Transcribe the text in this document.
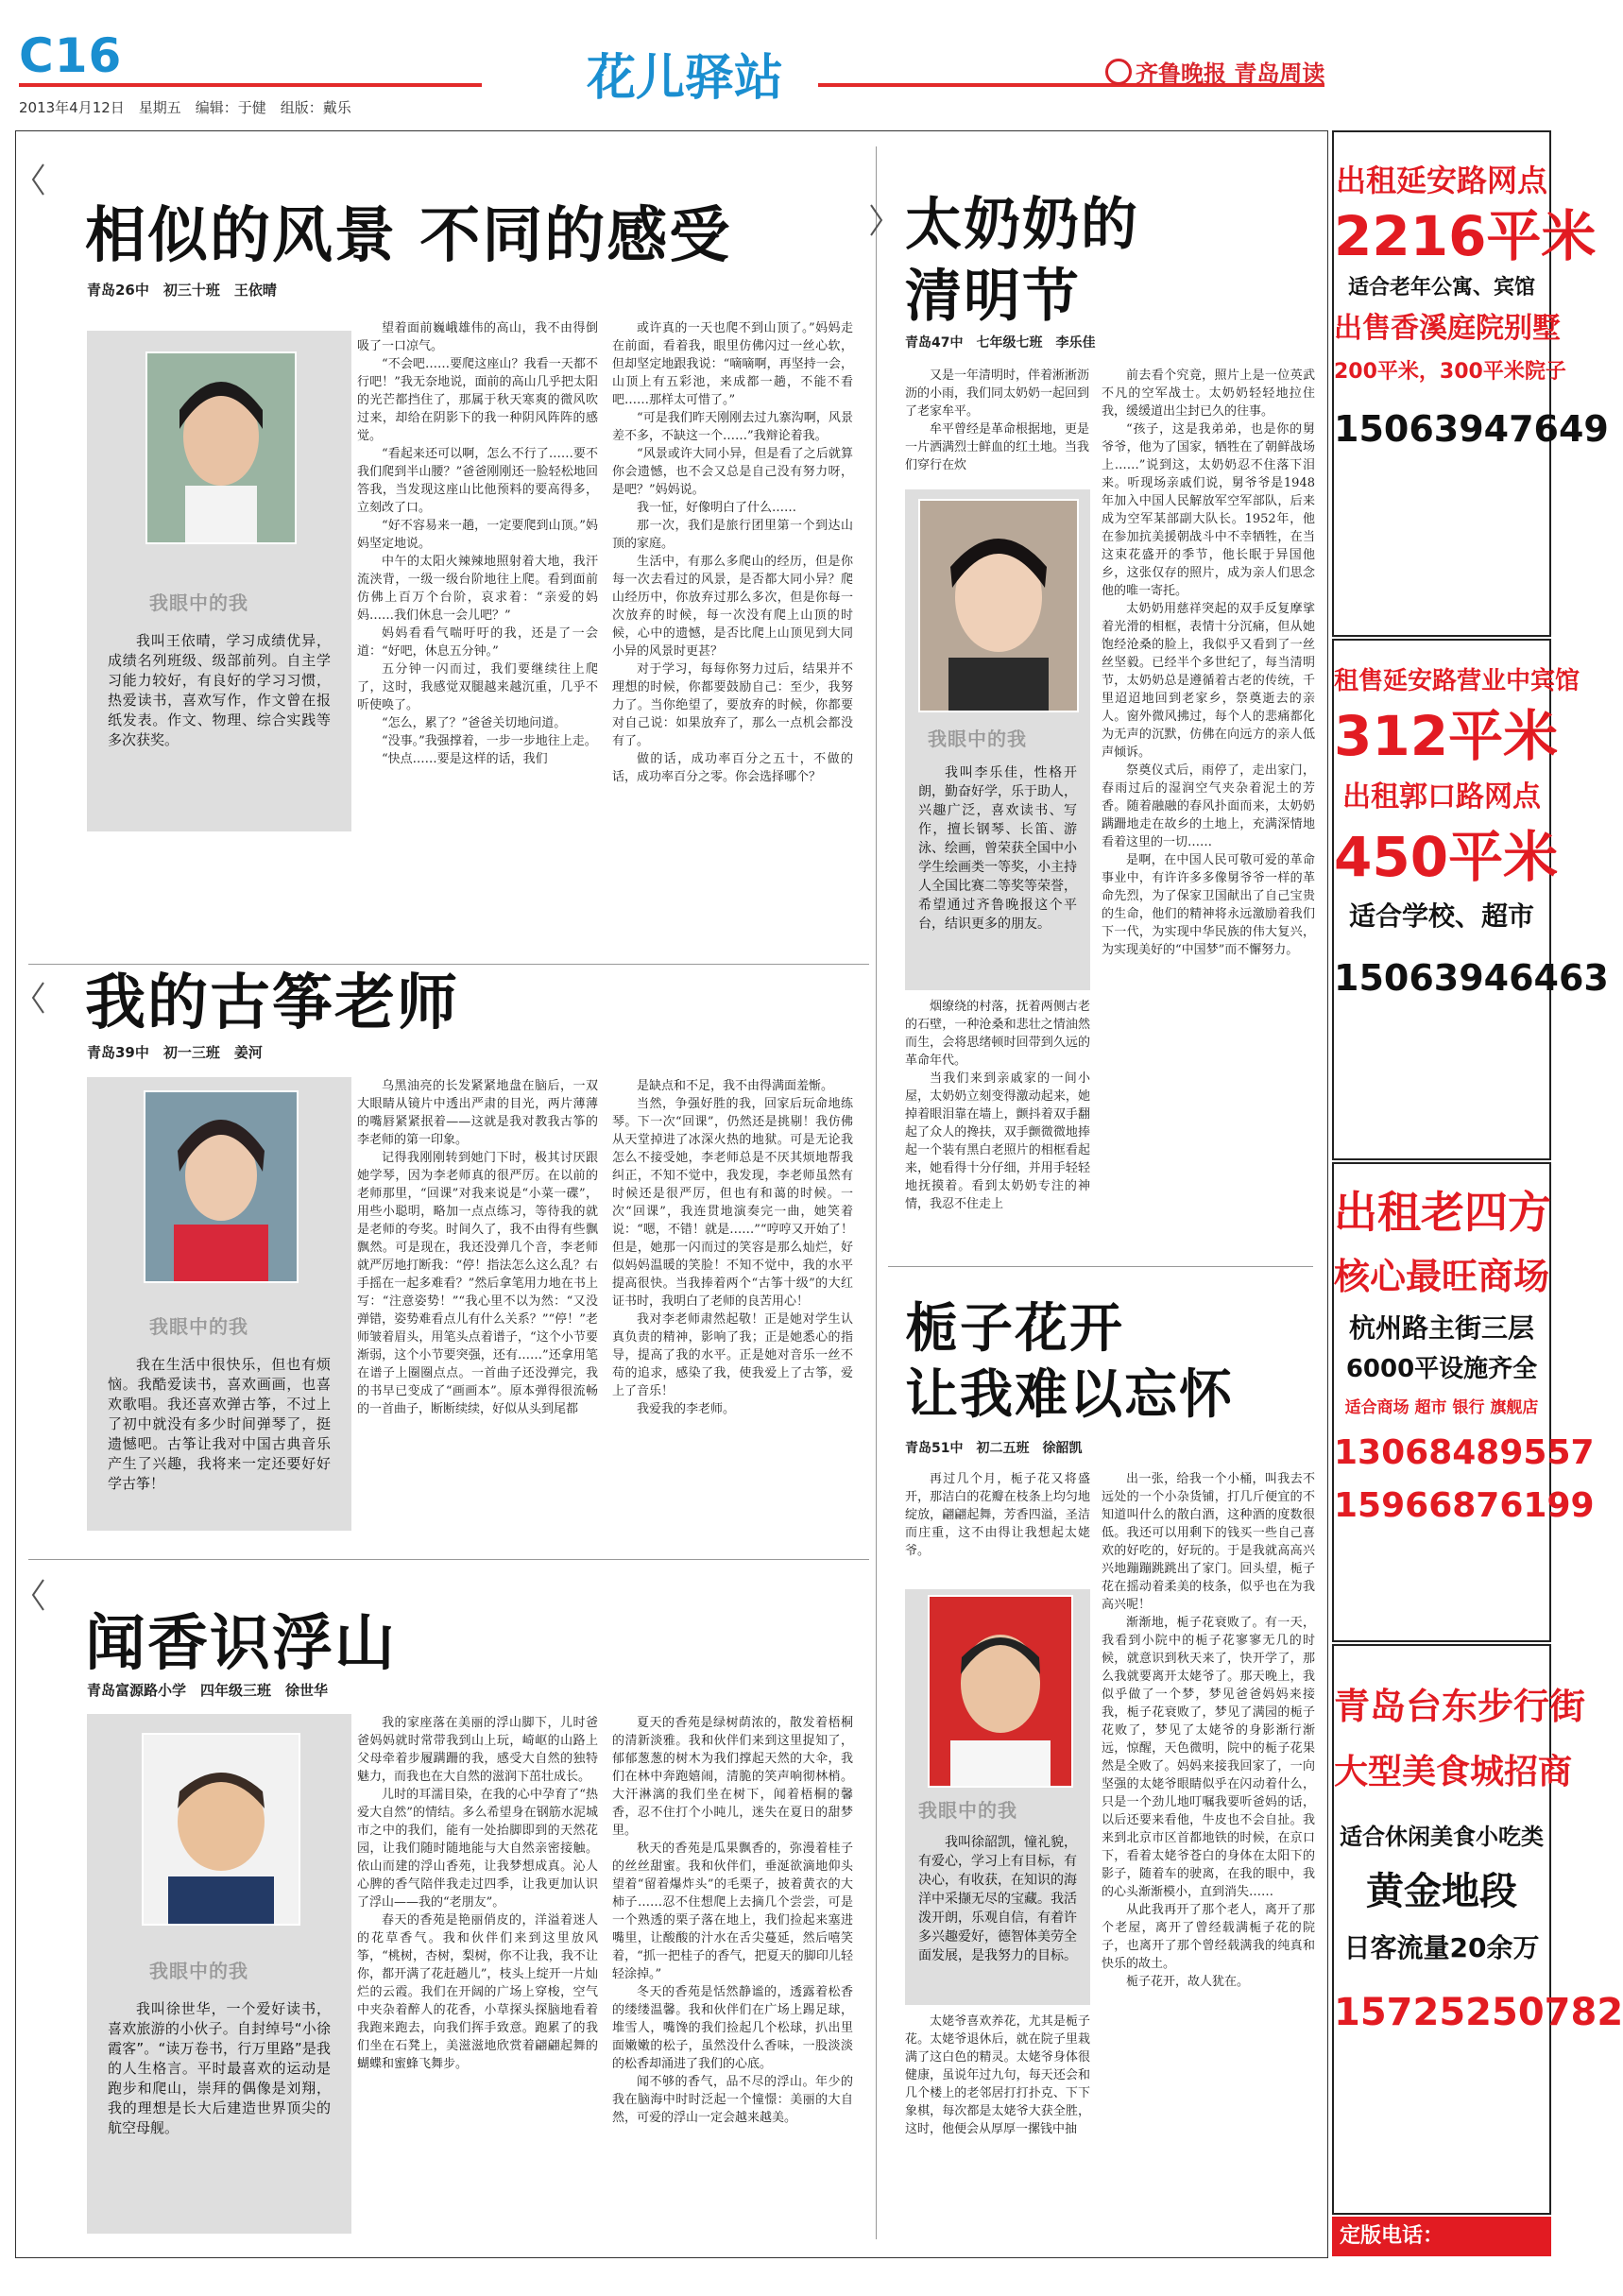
C16
2013年4月12日　星期五　编辑：于健　组版：戴乐
花儿驿站	齐鲁晚报 青岛周读
相似的风景 不同的感受
青岛26中　初三十班　王依晴
我眼中的我
我叫王依晴，学习成绩优异，成绩名列班级、级部前列。自主学习能力较好，有良好的学习习惯，热爱读书，喜欢写作，作文曾在报纸发表。作文、物理、综合实践等多次获奖。

望着面前巍峨雄伟的高山，我不由得倒吸了一口凉气。

“不会吧……要爬这座山？我看一天都不行吧！”我无奈地说，面前的高山几乎把太阳的光芒都挡住了，那属于秋天寒爽的微风吹过来，却给在阴影下的我一种阴风阵阵的感觉。

“看起来还可以啊，怎么不行了……要不我们爬到半山腰？”爸爸刚刚还一脸轻松地回答我，当发现这座山比他预料的要高得多，立刻改了口。

“好不容易来一趟，一定要爬到山顶。”妈妈坚定地说。

中午的太阳火辣辣地照射着大地，我汗流浃背，一级一级台阶地往上爬。看到面前仿佛上百万个台阶，哀求着：“亲爱的妈妈……我们休息一会儿吧？”

妈妈看看气喘吁吁的我，还是了一会道：“好吧，休息五分钟。”

五分钟一闪而过，我们要继续往上爬了，这时，我感觉双腿越来越沉重，几乎不听使唤了。

“怎么，累了？”爸爸关切地问道。

“没事。”我强撑着，一步一步地往上走。

“快点……要是这样的话，我们

或许真的一天也爬不到山顶了。”妈妈走在前面，看着我，眼里仿佛闪过一丝心软，但却坚定地跟我说：“嘀嘀啊，再坚持一会，山顶上有五彩池，来成都一趟，不能不看吧……那样太可惜了。”

“可是我们昨天刚刚去过九寨沟啊，风景差不多，不缺这一个……”我辩论着我。

“风景或许大同小异，但是看了之后就算你会遗憾，也不会又总是自己没有努力呀，是吧？”妈妈说。

我一怔，好像明白了什么……

那一次，我们是旅行团里第一个到达山顶的家庭。

生活中，有那么多爬山的经历，但是你每一次去看过的风景，是否都大同小异？爬山经历中，你放弃过那么多次，但是你每一次放弃的时候，每一次没有爬上山顶的时候，心中的遗憾，是否比爬上山顶见到大同小异的风景时更甚？

对于学习，每每你努力过后，结果并不理想的时候，你都要鼓励自己：至少，我努力了。当你绝望了，要放弃的时候，你都要对自己说：如果放弃了，那么一点机会都没有了。

做的话，成功率百分之五十，不做的话，成功率百分之零。你会选择哪个？

我的古筝老师
青岛39中　初一三班　姜河
我眼中的我
我在生活中很快乐，但也有烦恼。我酷爱读书，喜欢画画，也喜欢歌唱。我还喜欢弹古筝，不过上了初中就没有多少时间弹琴了，挺遗憾吧。古筝让我对中国古典音乐产生了兴趣，我将来一定还要好好学古筝！

乌黑油亮的长发紧紧地盘在脑后，一双大眼睛从镜片中透出严肃的目光，两片薄薄的嘴唇紧紧抿着——这就是我对教我古筝的李老师的第一印象。

记得我刚刚转到她门下时，极其讨厌跟她学琴，因为李老师真的很严厉。在以前的老师那里，“回课”对我来说是“小菜一碟”，用些小聪明，略加一点点练习，等待我的就是老师的夸奖。时间久了，我不由得有些飘飘然。可是现在，我还没弹几个音，李老师就严厉地打断我：“停！指法怎么这么乱？右手摇在一起多难看？”然后拿笔用力地在书上写：“注意姿势！”“我心里不以为然：“又没弹错，姿势难看点儿有什么关系？”“停！”老师皱着眉头，用笔头点着谱子，“这个小节要渐弱，这个小节要突强，还有……”还拿用笔在谱子上圈圈点点。一首曲子还没弹完，我的书早已变成了“画画本”。原本弹得很流畅的一首曲子，断断续续，好似从头到尾都

是缺点和不足，我不由得满面羞惭。

当然，争强好胜的我，回家后玩命地练琴。下一次“回课”，仍然还是挑剔！我仿佛从天堂掉进了冰深火热的地狱。可是无论我怎么不接受她，李老师总是不厌其烦地帮我纠正，不知不觉中，我发现，李老师虽然有时候还是很严厉，但也有和蔼的时候。一次“回课”，我连贯地演奏完一曲，她笑着说：“嗯，不错！就是……”“哼哼又开始了！但是，她那一闪而过的笑容是那么灿烂，好似妈妈温暖的笑脸！不知不觉中，我的水平提高很快。当我捧着两个“古筝十级”的大红证书时，我明白了老师的良苦用心！

我对李老师肃然起敬！正是她对学生认真负责的精神，影响了我；正是她悉心的指导，提高了我的水平。正是她对音乐一丝不苟的追求，感染了我，使我爱上了古筝，爱上了音乐！

我爱我的李老师。

闻香识浮山
青岛富源路小学　四年级三班　徐世华
我眼中的我
我叫徐世华，一个爱好读书，喜欢旅游的小伙子。自封绰号“小徐霞客”。“读万卷书，行万里路”是我的人生格言。平时最喜欢的运动是跑步和爬山，崇拜的偶像是刘翔，我的理想是长大后建造世界顶尖的航空母舰。

我的家座落在美丽的浮山脚下，儿时爸爸妈妈就时常带我到山上玩，崎岖的山路上父母牵着步履蹒跚的我，感受大自然的独特魅力，而我也在大自然的滋润下茁壮成长。

儿时的耳濡目染，在我的心中孕育了“热爱大自然”的情结。多么希望身在钢筋水泥城市之中的我们，能有一处抬脚即到的天然花园，让我们随时随地能与大自然亲密接触。依山而建的浮山香苑，让我梦想成真。沁人心脾的香气陪伴我走过四季，让我更加认识了浮山——我的“老朋友”。

春天的香苑是艳丽俏皮的，洋溢着迷人的花草香气。我和伙伴们来到这里放风筝，“桃树，杏树，梨树，你不让我，我不让你，都开满了花赶趟儿”，枝头上绽开一片灿烂的云霞。我们在开阔的广场上穿梭，空气中夹杂着醉人的花香，小草探头探脑地看着我跑来跑去，向我们挥手致意。跑累了的我们坐在石凳上，美滋滋地欣赏着翩翩起舞的蝴蝶和蜜蜂飞舞步。

夏天的香苑是绿树荫浓的，散发着梧桐的清新淡雅。我和伙伴们来到这里捉知了，郁郁葱葱的树木为我们撑起天然的大伞，我们在林中奔跑嬉闹，清脆的笑声响彻林梢。大汗淋漓的我们坐在树下，闻着梧桐的馨香，忍不住打个小盹儿，迷失在夏日的甜梦里。

秋天的香苑是瓜果飘香的，弥漫着桂子的丝丝甜蜜。我和伙伴们，垂涎欲滴地仰头望着“留着爆炸头”的毛栗子，披着黄衣的大柿子……忍不住想爬上去摘几个尝尝，可是一个熟透的栗子落在地上，我们捡起来塞进嘴里，让酸酸的汁水在舌尖蔓延，然后嘻笑着，“抓一把桂子的香气，把夏天的脚印儿轻轻涂掉。”

冬天的香苑是恬然静谧的，透露着松香的缕缕温馨。我和伙伴们在广场上踢足球，堆雪人，嘴馋的我们捡起几个松球，扒出里面嫩嫩的松子，虽然没什么香味，一股淡淡的松香却涌进了我们的心底。

闻不够的香气，品不尽的浮山。年少的我在脑海中时时泛起一个憧憬：美丽的大自然，可爱的浮山一定会越来越美。

太奶奶的清明节
青岛47中　七年级七班　李乐佳

又是一年清明时，伴着淅淅沥沥的小雨，我们同太奶奶一起回到了老家牟平。

牟平曾经是革命根据地，更是一片洒满烈士鲜血的红土地。当我们穿行在炊

我眼中的我
我叫李乐佳，性格开朗，勤奋好学，乐于助人，兴趣广泛，喜欢读书、写作，擅长钢琴、长笛、游泳、绘画，曾荣获全国中小学生绘画类一等奖，小主持人全国比赛二等奖等荣誉，希望通过齐鲁晚报这个平台，结识更多的朋友。

烟缭绕的村落，抚着两侧古老的石壁，一种沧桑和悲壮之情油然而生，会将思绪顿时回带到久远的革命年代。

当我们来到亲戚家的一间小屋，太奶奶立刻变得激动起来，她掉着眼泪靠在墙上，颤抖着双手翻起了众人的搀扶，双手颤微微地捧起一个装有黑白老照片的相框看起来，她看得十分仔细，并用手轻轻地抚摸着。看到太奶奶专注的神情，我忍不住走上

前去看个究竟，照片上是一位英武不凡的空军战士。太奶奶轻轻地拉住我，缓缓道出尘封已久的往事。

“孩子，这是我弟弟，也是你的舅爷爷，他为了国家，牺牲在了朝鲜战场上……”说到这，太奶奶忍不住落下泪来。听现场亲戚们说，舅爷爷是1948年加入中国人民解放军空军部队，后来成为空军某部副大队长。1952年，他在参加抗美援朝战斗中不幸牺牲，在当这束花盛开的季节，他长眠于异国他乡，这张仅存的照片，成为亲人们思念他的唯一寄托。

太奶奶用慈祥突起的双手反复摩挲着光滑的相框，表情十分沉痛，但从她饱经沧桑的脸上，我似乎又看到了一丝丝坚毅。已经半个多世纪了，每当清明节，太奶奶总是遵循着古老的传统，千里迢迢地回到老家乡，祭奠逝去的亲人。窗外微风拂过，每个人的悲痛都化为无声的沉默，仿佛在向远方的亲人低声倾诉。

祭奠仪式后，雨停了，走出家门，春雨过后的湿润空气夹杂着泥土的芳香。随着融融的春风扑面而来，太奶奶蹒跚地走在故乡的土地上，充满深情地看着这里的一切……

是啊，在中国人民可敬可爱的革命事业中，有许许多多像舅爷爷一样的革命先烈，为了保家卫国献出了自己宝贵的生命，他们的精神将永远激励着我们下一代，为实现中华民族的伟大复兴，为实现美好的“中国梦”而不懈努力。

栀子花开
让我难以忘怀
青岛51中　初二五班　徐韶凯

再过几个月，栀子花又将盛开，那洁白的花瓣在枝条上均匀地绽放，翩翩起舞，芳香四溢，圣洁而庄重，这不由得让我想起太姥爷。

我眼中的我
我叫徐韶凯，憧礼貌，有爱心，学习上有目标，有决心，有收获，在知识的海洋中采撷无尽的宝藏。我活泼开朗，乐观自信，有着许多兴趣爱好，德智体美劳全面发展，是我努力的目标。

太姥爷喜欢养花，尤其是栀子花。太姥爷退休后，就在院子里栽满了这白色的精灵。太姥爷身体很健康，虽说年过九句，每天还会和几个楼上的老邻居打打扑克、下下象棋，每次都是太姥爷大获全胜，这时，他便会从厚厚一摞钱中抽

出一张，给我一个小桶，叫我去不远处的一个小杂货铺，打几斤便宜的不知道叫什么的散白酒，这种酒的度数很低。我还可以用剩下的钱买一些自己喜欢的好吃的，好玩的。于是我就高高兴兴地蹦蹦跳跳出了家门。回头望，栀子花在摇动着柔美的枝条，似乎也在为我高兴呢！

渐渐地，栀子花衰败了。有一天，我看到小院中的栀子花寥寥无几的时候，就意识到秋天来了，快开学了，那么我就要离开太姥爷了。那天晚上，我似乎做了一个梦，梦见爸爸妈妈来接我，栀子花衰败了，梦见了满园的栀子花败了，梦见了太姥爷的身影渐行渐远，惊醒，天色微明，院中的栀子花果然是全败了。妈妈来接我回家了，一向坚强的太姥爷眼睛似乎在闪动着什么，只是一个劲儿地叮嘱我要听爸妈的话，以后还要来看他，牛皮也不会自扯。我来到北京市区首都地铁的时候，在京口下，看着太姥爷苍白的身体在太阳下的影子，随着车的驶离，在我的眼中，我的心头渐渐模小，直到消失……

从此我再开了那个老人，离开了那个老屋，离开了曾经载满栀子花的院子，也离开了那个曾经载满我的纯真和快乐的故土。

栀子花开，故人犹在。

出租延安路网点
2216平米
适合老年公寓、宾馆
出售香溪庭院别墅
200平米，300平米院子
15063947649
租售延安路营业中宾馆
312平米
出租郭口路网点
450平米
适合学校、超市
15063946463
出租老四方
核心最旺商场
杭州路主街三层
6000平设施齐全
适合商场 超市 银行 旗舰店
13068489557
15966876199
青岛台东步行街
大型美食城招商
适合休闲美食小吃类
黄金地段
日客流量20余万
15725250782
定版电话：81186679
